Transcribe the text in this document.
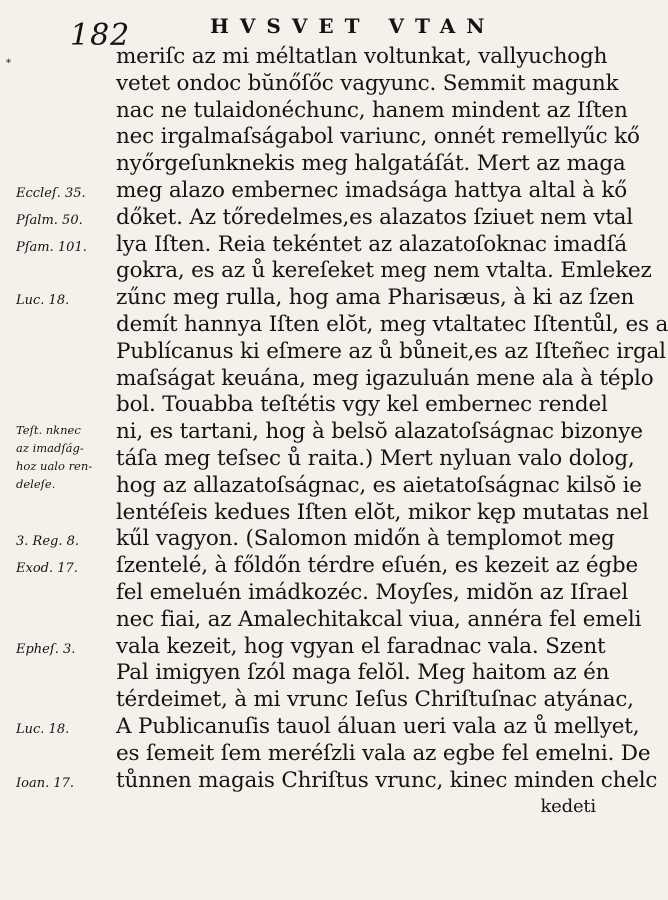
182	HVSVET VTAN
*	meriſc az mi méltatlan voltunkat, vallyuchogh
vetet ondoc bŭnőſőc vagyunc. Semmit magunk
nac ne tulaidonéchunc, hanem mindent az Iſten
nec irgalmaſságabol variunc, onnét remellyűc kő
nyőrgeſunknekis meg halgatáſát. Mert az maga
meg alazo embernec imadsága hattya altal à kő
dőket. Az tőredelmes,es alazatos ſziuet nem vtal
lya Iſten. Reia tekéntet az alazatoſoknac imadſá
gokra, es az ů kereſeket meg nem vtalta. Emlekez
zűnc meg rulla, hog ama Pharisæus, à ki az ſzen
demít hannya Iſten elŏt, meg vtaltatec Iſtentůl, es a
Publícanus ki eſmere az ů bůneit,es az Iſteñec irgal
maſságat keuána, meg igazuluán mene ala à téplo
bol. Touabba teſtétis vgy kel embernec rendel
ni, es tartani, hog à belsŏ alazatoſságnac bizonye
táſa meg teſsec ů raita.) Mert nyluan valo dolog,
hog az allazatoſságnac, es aietatoſságnac kilsŏ ie
lentéſeis kedues Iſten elŏt, mikor kęp mutatas nel
kűl vagyon. (Salomon midőn à templomot meg
ſzentelé, à főldőn térdre eſuén, es kezeit az égbe
fel emeluén imádkozéc. Moyſes, midŏn az Iſrael
nec fiai, az Amalechitakcal viua, annéra fel emeli
vala kezeit, hog vgyan el faradnac vala. Szent
Pal imigyen ſzól maga felŏl. Meg haitom az én
térdeimet, à mi vrunc Ieſus Chriſtuſnac atyánac,
A Publicanuſis tauol áluan ueri vala az ů mellyet,
es ſemeit ſem meréſzli vala az egbe fel emelni. De
tůnnen magais Chriſtus vrunc, kinec minden chelc
kedeti
Eccleſ. 35.
Pſalm. 50.
Pſam. 101.
Luc. 18.
Teſt. nknec
az imadſág-
hoz ualo ren-
deleſe.
3. Reg. 8.
Exod. 17.
Epheſ. 3.
Luc. 18.
Ioan. 17.
